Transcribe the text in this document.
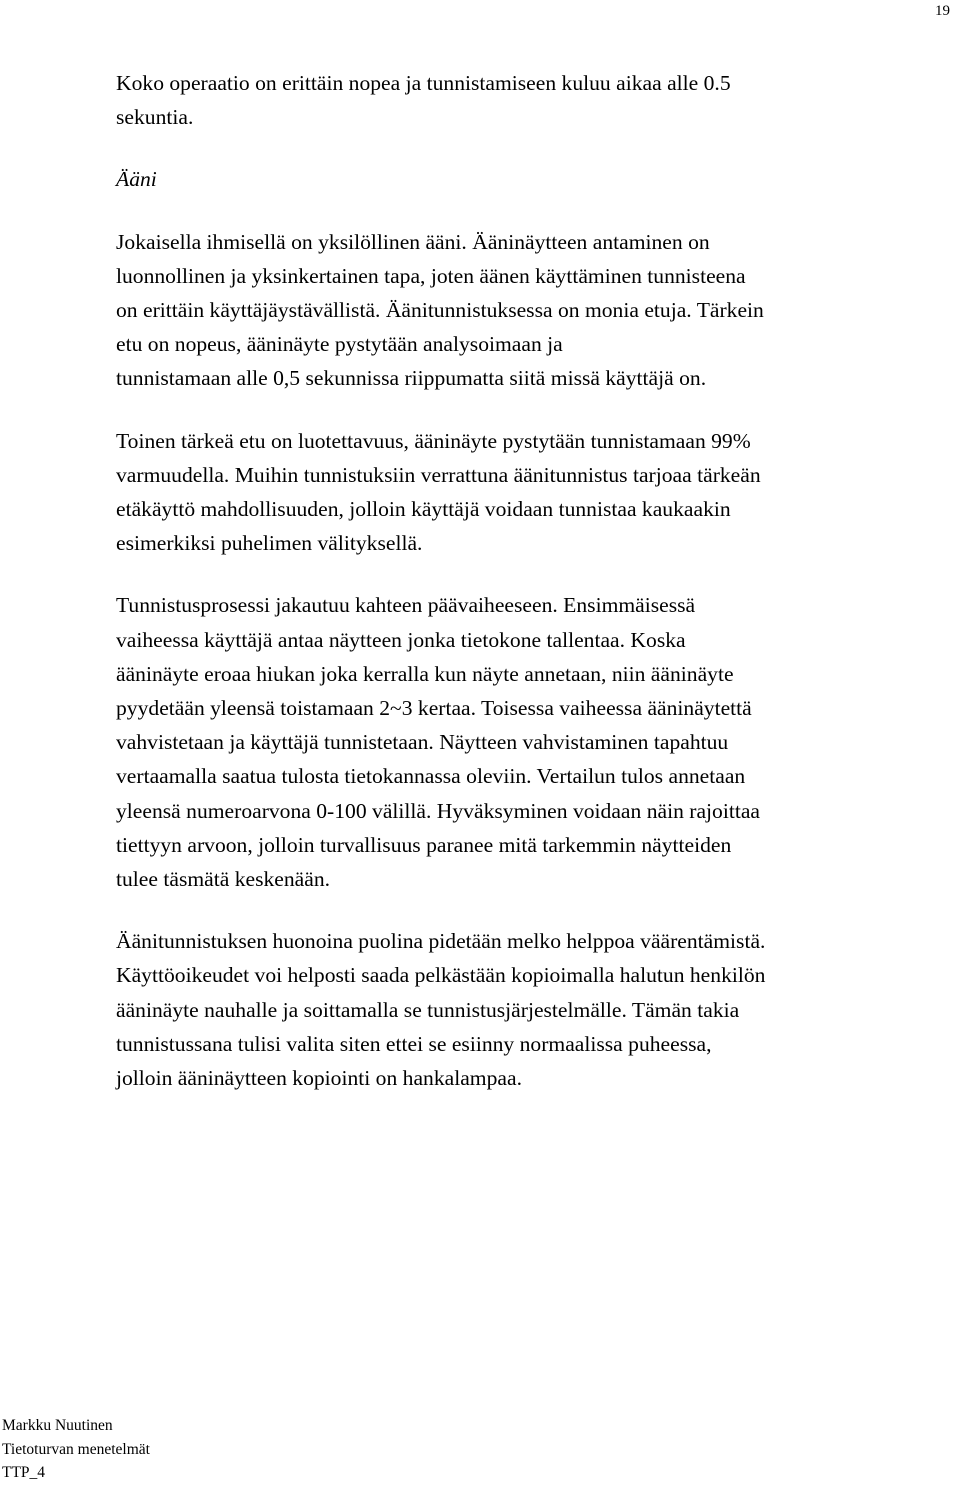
19

Koko operaatio on erittäin nopea ja tunnistamiseen kuluu aikaa alle 0.5
sekuntia.

Ääni

Jokaisella ihmisellä on yksilöllinen ääni. Ääninäytteen antaminen on
luonnollinen ja yksinkertainen tapa, joten äänen käyttäminen tunnisteena
on erittäin käyttäjäystävällistä. Äänitunnistuksessa on monia etuja. Tärkein
etu on nopeus, ääninäyte pystytään analysoimaan ja
tunnistamaan alle 0,5 sekunnissa riippumatta siitä missä käyttäjä on.

Toinen tärkeä etu on luotettavuus, ääninäyte pystytään tunnistamaan 99%
varmuudella. Muihin tunnistuksiin verrattuna äänitunnistus tarjoaa tärkeän
etäkäyttö mahdollisuuden, jolloin käyttäjä voidaan tunnistaa kaukaakin
esimerkiksi puhelimen välityksellä.

Tunnistusprosessi jakautuu kahteen päävaiheeseen. Ensimmäisessä
vaiheessa käyttäjä antaa näytteen jonka tietokone tallentaa. Koska
ääninäyte eroaa hiukan joka kerralla kun näyte annetaan, niin ääninäyte
pyydetään yleensä toistamaan 2~3 kertaa. Toisessa vaiheessa ääninäytettä
vahvistetaan ja käyttäjä tunnistetaan. Näytteen vahvistaminen tapahtuu
vertaamalla saatua tulosta tietokannassa oleviin. Vertailun tulos annetaan
yleensä numeroarvona 0-100 välillä. Hyväksyminen voidaan näin rajoittaa
tiettyyn arvoon, jolloin turvallisuus paranee mitä tarkemmin näytteiden
tulee täsmätä keskenään.

Äänitunnistuksen huonoina puolina pidetään melko helppoa väärentämistä.
Käyttöoikeudet voi helposti saada pelkästään kopioimalla halutun henkilön
ääninäyte nauhalle ja soittamalla se tunnistusjärjestelmälle. Tämän takia
tunnistussana tulisi valita siten ettei se esiinny normaalissa puheessa,
jolloin ääninäytteen kopiointi on hankalampaa.

Markku Nuutinen
Tietoturvan menetelmät
TTP_4
